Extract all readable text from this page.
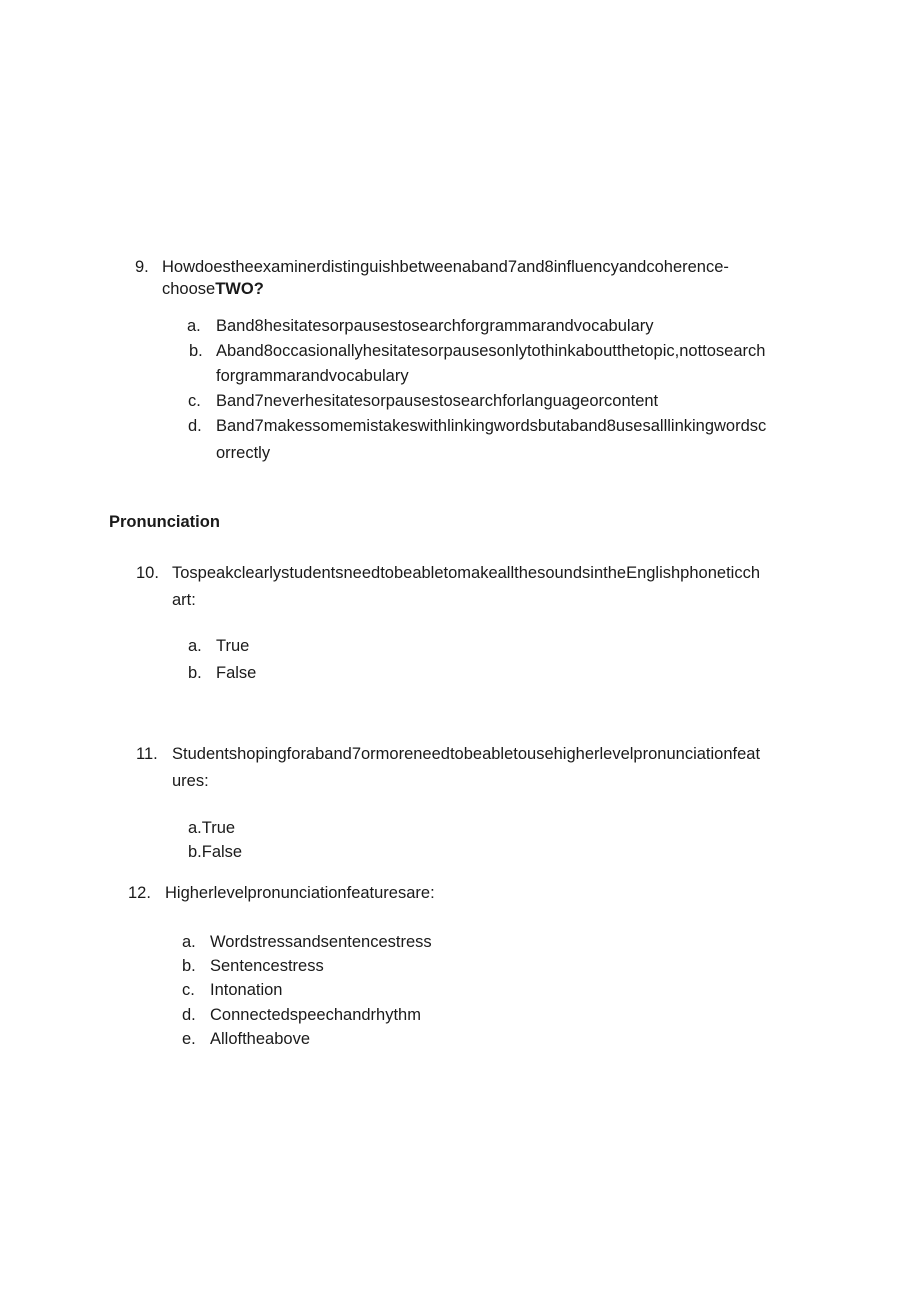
9. Howdoestheexaminerdistinguishbetweenaband7and8influencyandcoherence-
chooseTWO?
a. Band8hesitatesorpausestosearchforgrammarandvocabulary
b. Aband8occasionallyhesitatesorpausesonlytothinkaboutthetopic,nottosearch
forgrammarandvocabulary
c. Band7neverhesitatesorpausestosearchforlanguageorcontent
d. Band7makessomemistakeswithlinkingwordsbutaband8usesalllinkingwordsc
orrectly
Pronunciation
10. TospeakclearlystudentsneedtobeabletomakeallthesoundsintheEnglishphoneticch
art:
a. True
b. False
11. Studentshopingforaband7ormoreneedtobeabletousehigherlevelpronunciationfeat
ures:
a.True
b.False
12. Higherlevelpronunciationfeaturesare:
a. Wordstressandsentencestress
b. Sentencestress
c. Intonation
d. Connectedspeechandrhythm
e. Alloftheabove
